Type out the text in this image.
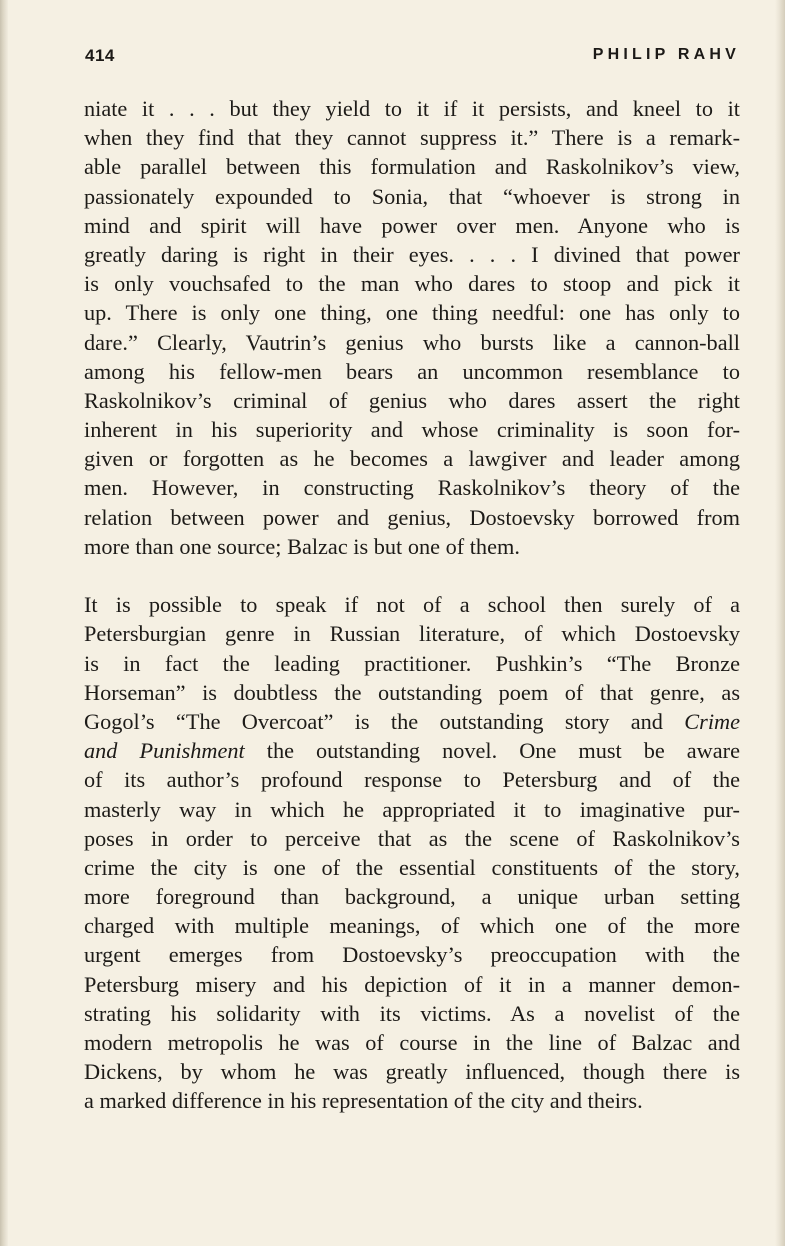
414	PHILIP RAHV
niate it . . . but they yield to it if it persists, and kneel to it
when they find that they cannot suppress it.” There is a remark-
able parallel between this formulation and Raskolnikov’s view,
passionately expounded to Sonia, that “whoever is strong in
mind and spirit will have power over men. Anyone who is
greatly daring is right in their eyes. . . . I divined that power
is only vouchsafed to the man who dares to stoop and pick it
up. There is only one thing, one thing needful: one has only to
dare.” Clearly, Vautrin’s genius who bursts like a cannon-ball
among his fellow-men bears an uncommon resemblance to
Raskolnikov’s criminal of genius who dares assert the right
inherent in his superiority and whose criminality is soon for-
given or forgotten as he becomes a lawgiver and leader among
men. However, in constructing Raskolnikov’s theory of the
relation between power and genius, Dostoevsky borrowed from
more than one source; Balzac is but one of them.
It is possible to speak if not of a school then surely of a
Petersburgian genre in Russian literature, of which Dostoevsky
is in fact the leading practitioner. Pushkin’s “The Bronze
Horseman” is doubtless the outstanding poem of that genre, as
Gogol’s “The Overcoat” is the outstanding story and Crime
and Punishment the outstanding novel. One must be aware
of its author’s profound response to Petersburg and of the
masterly way in which he appropriated it to imaginative pur-
poses in order to perceive that as the scene of Raskolnikov’s
crime the city is one of the essential constituents of the story,
more foreground than background, a unique urban setting
charged with multiple meanings, of which one of the more
urgent emerges from Dostoevsky’s preoccupation with the
Petersburg misery and his depiction of it in a manner demon-
strating his solidarity with its victims. As a novelist of the
modern metropolis he was of course in the line of Balzac and
Dickens, by whom he was greatly influenced, though there is
a marked difference in his representation of the city and theirs.
